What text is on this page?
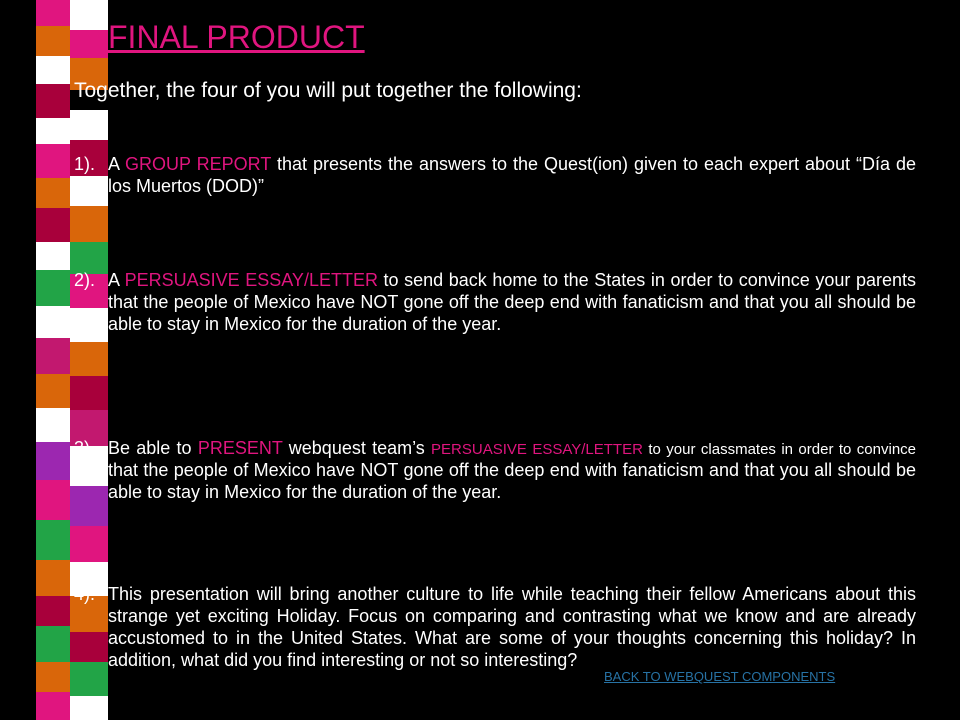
FINAL PRODUCT

Together, the four of you will put together the following:

1). A GROUP REPORT that presents the answers to the Quest(ion) given to each expert about “Día de los Muertos (DOD)”
2). A PERSUASIVE ESSAY/LETTER to send back home to the States in order to convince your parents that the people of Mexico have NOT gone off the deep end with fanaticism and that you all should be able to stay in Mexico for the duration of the year.
3). Be able to PRESENT webquest team’s PERSUASIVE ESSAY/LETTER to your classmates in order to convince that the people of Mexico have NOT gone off the deep end with fanaticism and that you all should be able to stay in Mexico for the duration of the year.
4). This presentation will bring another culture to life while teaching their fellow Americans about this strange yet exciting Holiday. Focus on comparing and contrasting what we know and are already accustomed to in the United States. What are some of your thoughts concerning this holiday? In addition, what did you find interesting or not so interesting?
BACK TO WEBQUEST COMPONENTS
